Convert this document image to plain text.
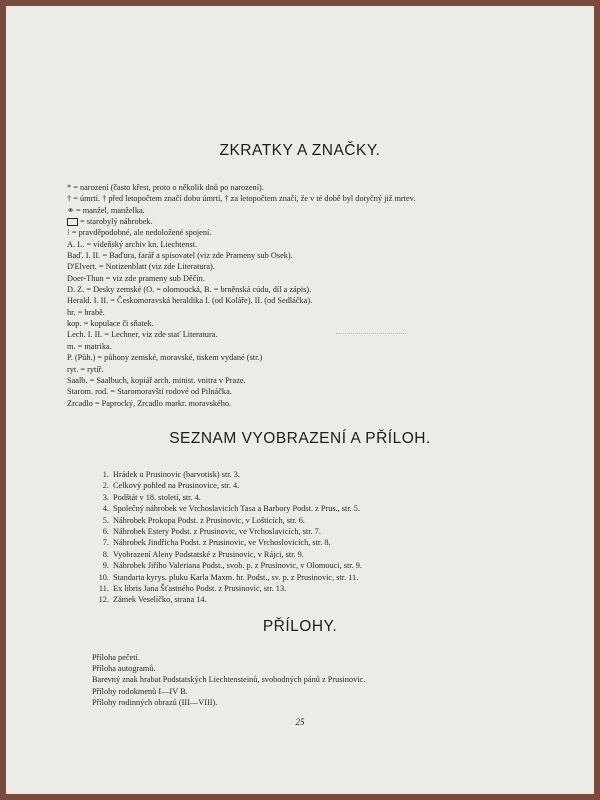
ZKRATKY A ZNAČKY.
* = narození (často křest, proto o několik dnů po narození).
† = úmrtí. † před letopočtem značí dobu úmrtí, † za letopočtem značí, že v té době byl dotyčný již mrtev.
⚭ = manžel, manželka.
= starobylý náhrobek.
⁝ = pravděpodobné, ale nedoložené spojení.
A. L. = vídeňský archiv kn. Liechtenst.
Baď. I. II. = Baďura, farář a spisovatel (viz zde Prameny sub Osek).
D'Elvert. = Notizenblatt (viz zde Literatura).
Doer-Thun = viz zde prameny sub Děčín.
D. Z. = Desky zemské (O. = olomoucká, B. = brněnská cúdu, díl a zápis).
Herald. I. II. = Českomoravská heraldika I. (od Koláře). II. (od Sedláčka).
hr. = hrabě.
kop. = kopulace či sňatek.
Lech. I. II. = Lechner, viz zde stať Literatura.
m. = matrika.
P. (Půh.) = půhony zemské, moravské, tiskem vydané (str.)
ryt. = rytíř.
Saalb. = Saalbuch, kopiář arch. minist. vnitra v Praze.
Starom. rod. = Staromoravští rodové od Pilnáčka.
Zrcadlo = Paprocký, Zrcadlo markr. moravského.
SEZNAM VYOBRAZENÍ A PŘÍLOH.
1. Hrádek u Prusinovic (barvotisk) str. 3.
2. Celkový pohled na Prusinovice, str. 4.
3. Podštát v 18. století, str. 4.
4. Společný náhrobek ve Vrchoslavicích Tasa a Barbory Podst. z Prus., str. 5.
5. Náhrobek Prokopa Podst. z Prusinovic, v Lošticích, str. 6.
6. Náhrobek Estery Podst. z Prusinovic, ve Vrchoslavicích, str. 7.
7. Náhrobek Jindřicha Podst. z Prusinovic, ve Vrchoslovicích, str. 8.
8. Vyobrazení Aleny Podstatské z Prusinovic, v Rájci, str. 9.
9. Náhrobek Jiřího Valeriana Podst., svob. p. z Prusinovic, v Olomouci, str. 9.
10. Standarta kyrys. pluku Karla Maxm. hr. Podst., sv. p. z Prusinovic, str. 11.
11. Ex libris Jana Šťastného Podst. z Prusinovic, str. 13.
12. Zámek Veselíčko, strana 14.
PŘÍLOHY.
Příloha pečetí.
Příloha autogramů.
Barevný znak hrabat Podstatských Liechtensteinů, svobodných pánů z Prusinovic.
Přílohy rodokmenů I—IV B.
Přílohy rodinných obrazů (III—VIII).
25
